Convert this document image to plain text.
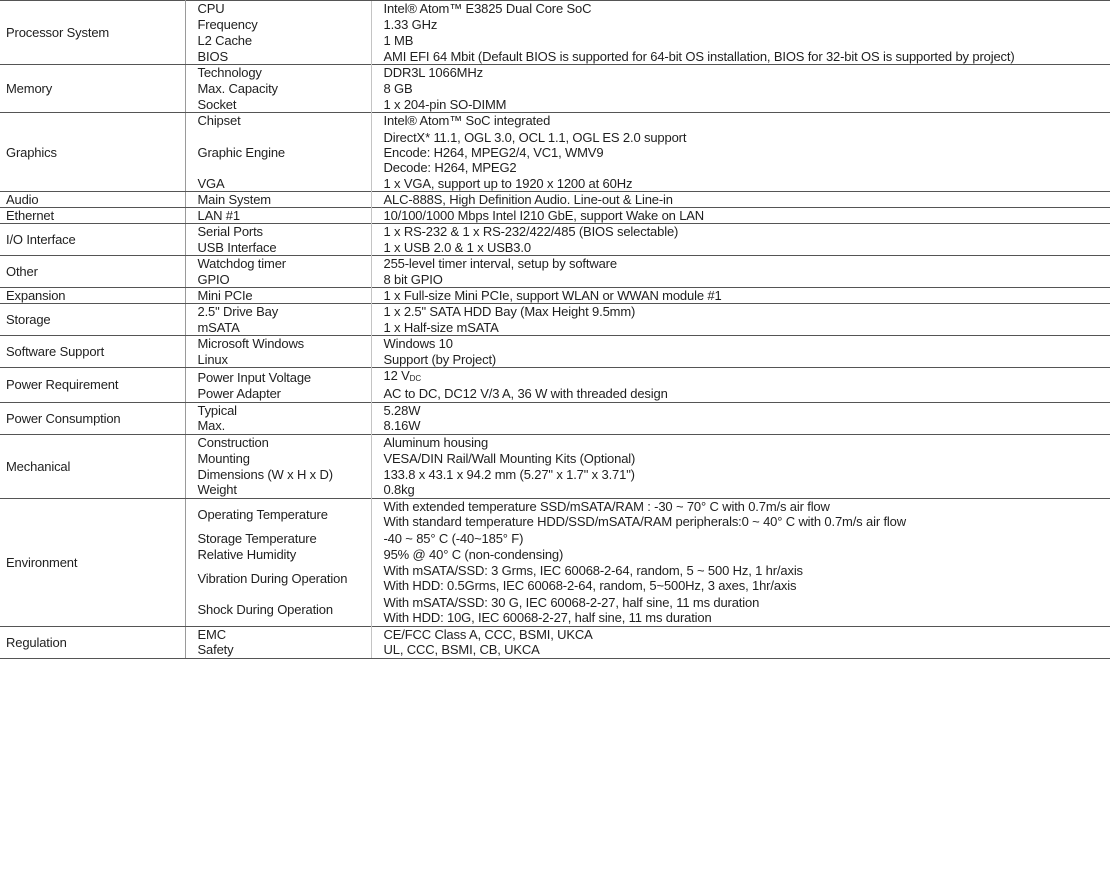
Processor System	CPU	Intel® Atom™ E3825 Dual Core SoC

	Frequency	1.33 GHz

	L2 Cache	1 MB

	BIOS	AMI EFI 64 Mbit (Default BIOS is supported for 64-bit OS installation, BIOS for 32-bit OS is supported by project)

Memory	Technology	DDR3L 1066MHz

	Max. Capacity	8 GB

	Socket	1 x 204-pin SO-DIMM

Graphics	Chipset	Intel® Atom™ SoC integrated

	Graphic Engine	DirectX* 11.1, OGL 3.0, OCL 1.1, OGL ES 2.0 support
Encode: H264, MPEG2/4, VC1, WMV9
Decode: H264, MPEG2

	VGA	1 x VGA, support up to 1920 x 1200 at 60Hz

Audio	Main System	ALC-888S, High Definition Audio. Line-out & Line-in

Ethernet	LAN #1	10/100/1000 Mbps Intel I210 GbE, support Wake on LAN

I/O Interface	Serial Ports	1 x RS-232 & 1 x RS-232/422/485 (BIOS selectable)

	USB Interface	1 x USB 2.0 & 1 x USB3.0

Other	Watchdog timer	255-level timer interval, setup by software

	GPIO	8 bit GPIO

Expansion	Mini PCIe	1 x Full-size Mini PCIe, support WLAN or WWAN module #1

Storage	2.5" Drive Bay	1 x 2.5" SATA HDD Bay (Max Height 9.5mm)

	mSATA	1 x Half-size mSATA

Software Support	Microsoft Windows	Windows 10

	Linux	Support (by Project)

Power Requirement	Power Input Voltage	12 VDC

	Power Adapter	AC to DC, DC12 V/3 A, 36 W with threaded design

Power Consumption	Typical	5.28W

	Max.	8.16W

Mechanical	Construction	Aluminum housing

	Mounting	VESA/DIN Rail/Wall Mounting Kits (Optional)

	Dimensions (W x H x D)	133.8 x 43.1 x 94.2 mm (5.27" x 1.7" x 3.71")

	Weight	0.8kg

Environment	Operating Temperature	With extended temperature SSD/mSATA/RAM : -30 ~ 70° C with 0.7m/s air flow
With standard temperature HDD/SSD/mSATA/RAM peripherals:0 ~ 40° C with 0.7m/s air flow

	Storage Temperature	-40 ~ 85° C (-40~185° F)

	Relative Humidity	95% @ 40° C (non-condensing)

	Vibration During Operation	With mSATA/SSD: 3 Grms, IEC 60068-2-64, random, 5 ~ 500 Hz, 1 hr/axis
With HDD: 0.5Grms, IEC 60068-2-64, random, 5~500Hz, 3 axes, 1hr/axis

	Shock During Operation	With mSATA/SSD: 30 G, IEC 60068-2-27, half sine, 11 ms duration
With HDD: 10G, IEC 60068-2-27, half sine, 11 ms duration

Regulation	EMC	CE/FCC Class A, CCC, BSMI, UKCA

	Safety	UL, CCC, BSMI, CB, UKCA
